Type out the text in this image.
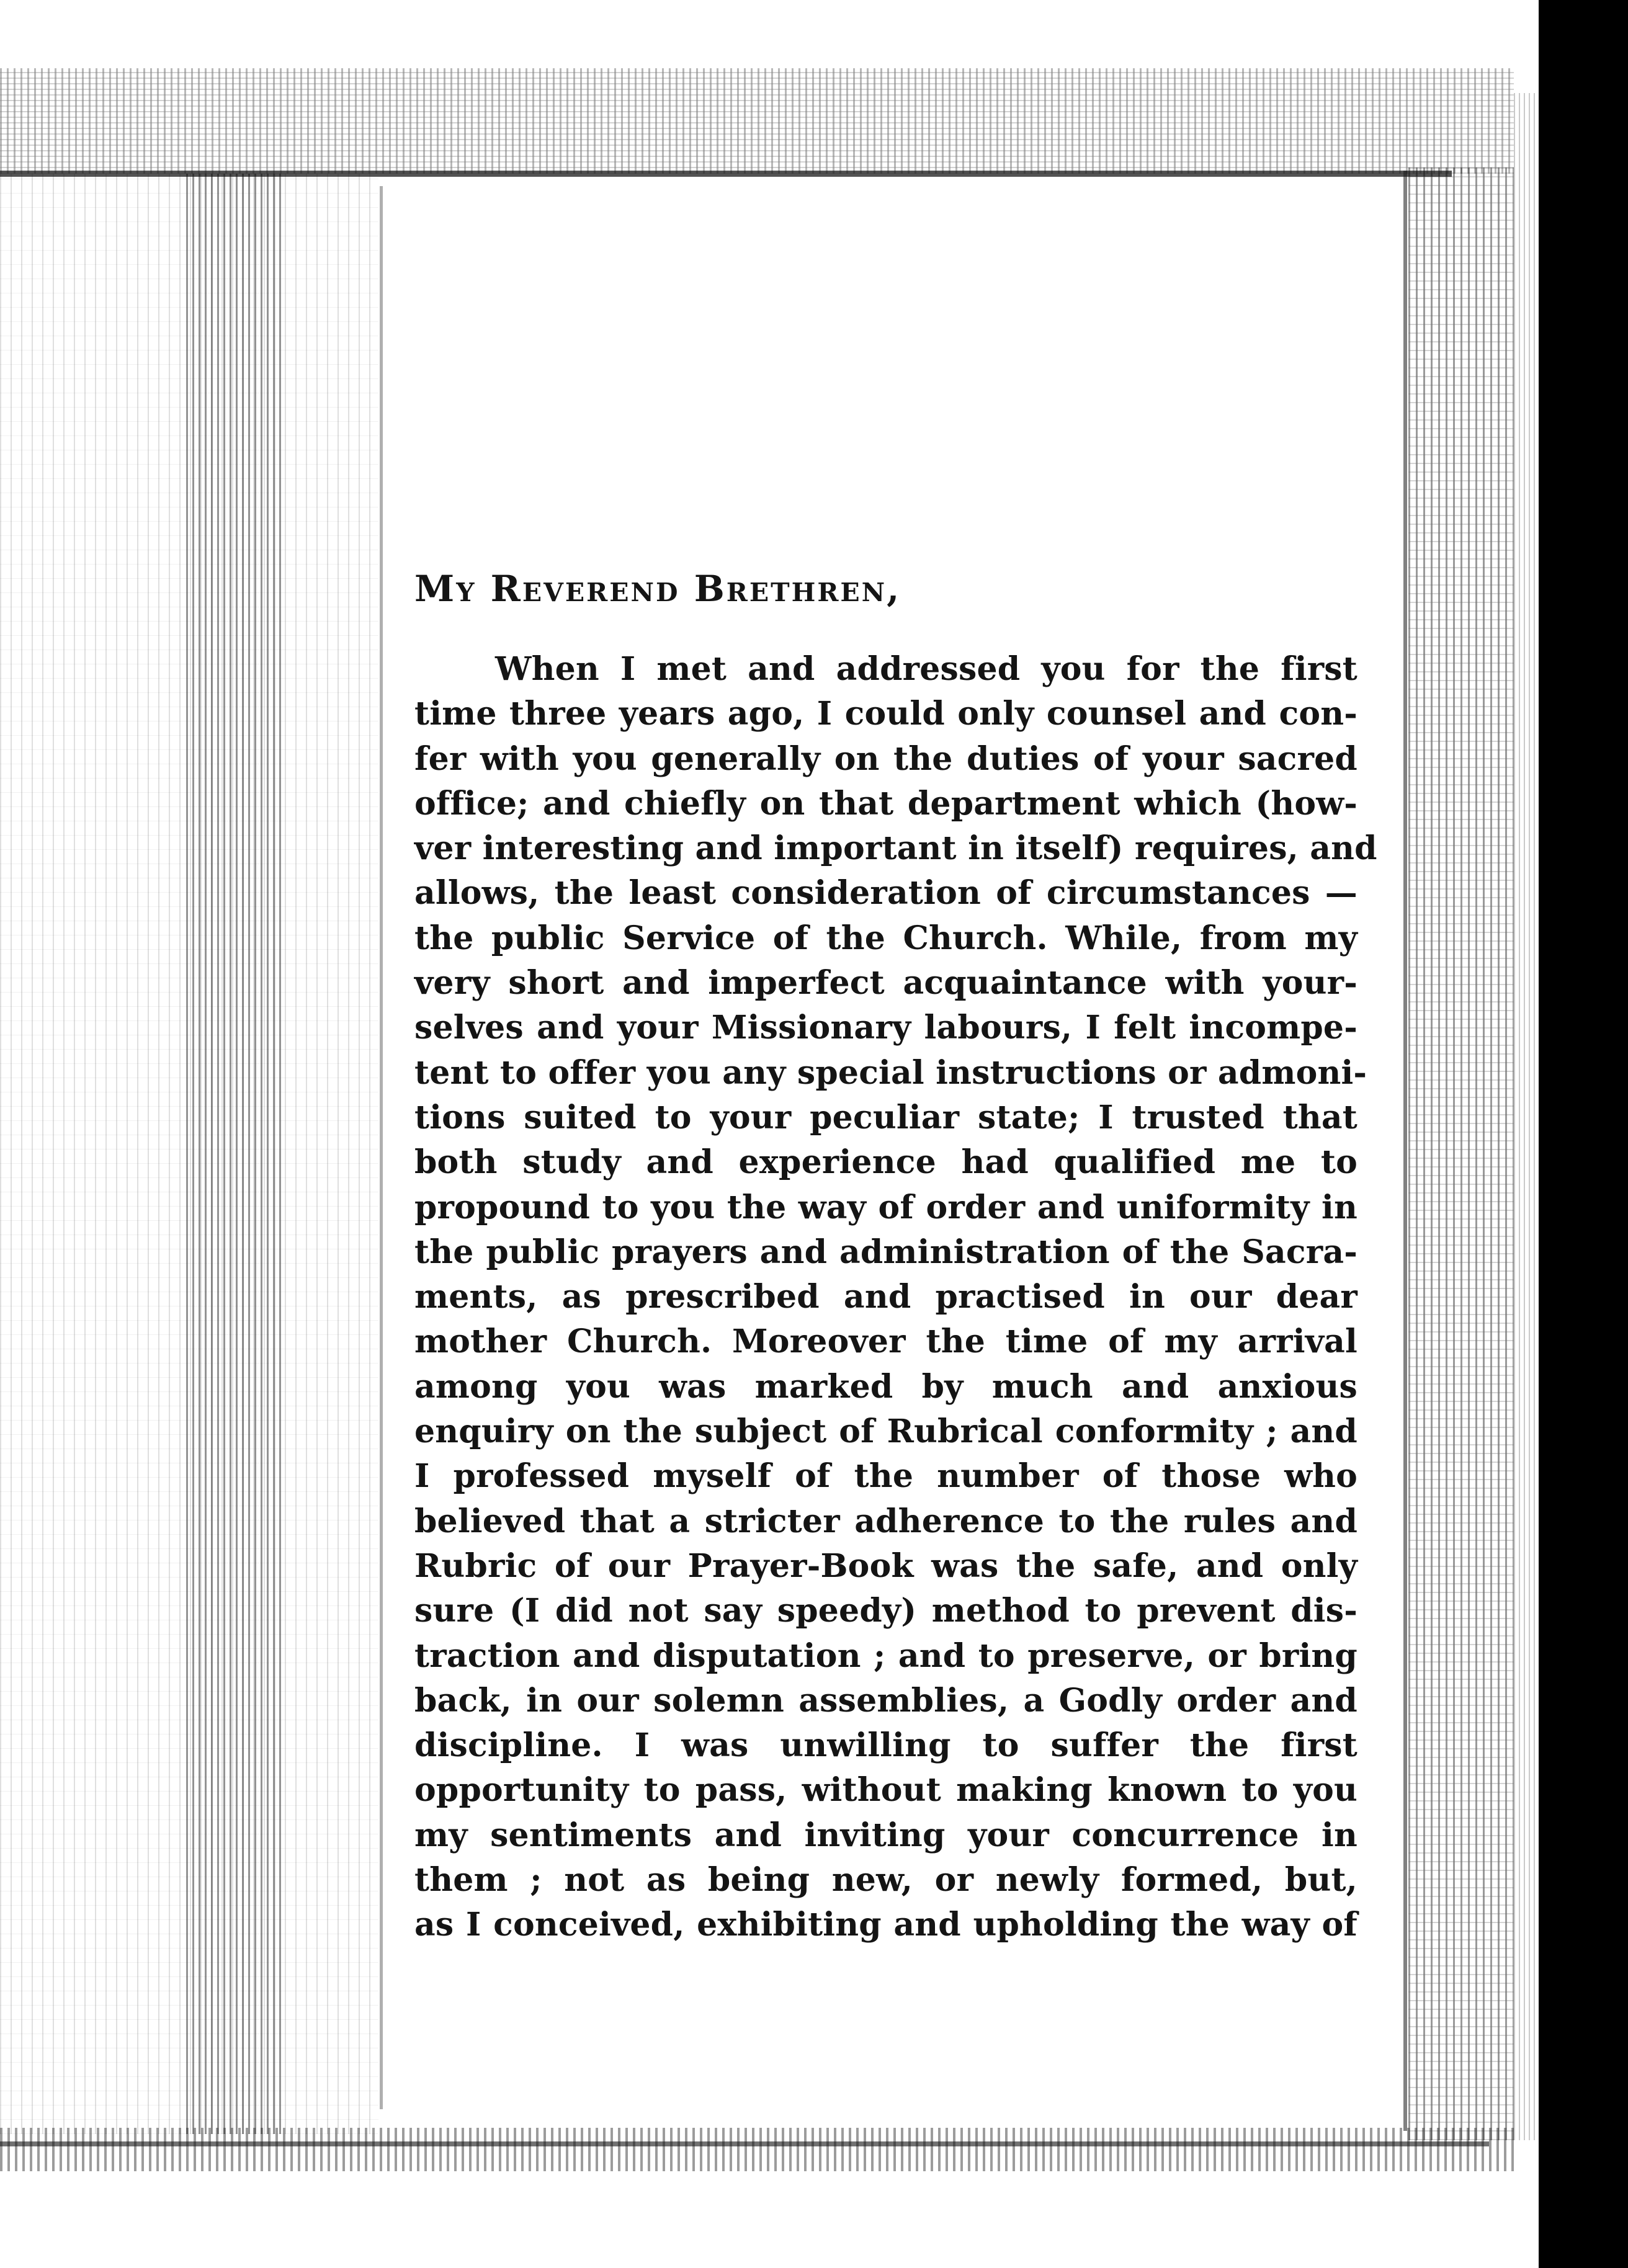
My Reverend Brethren,

When I met and addressed you for the first

time three years ago, I could only counsel and con-

fer with you generally on the duties of your sacred

office; and chiefly on that department which (how-

ver interesting and important in itself) requires, and

allows, the least consideration of circumstances —

the public Service of the Church. While, from my

very short and imperfect acquaintance with your-

selves and your Missionary labours, I felt incompe-

tent to offer you any special instructions or admoni-

tions suited to your peculiar state; I trusted that

both study and experience had qualified me to

propound to you the way of order and uniformity in

the public prayers and administration of the Sacra-

ments, as prescribed and practised in our dear

mother Church. Moreover the time of my arrival

among you was marked by much and anxious

enquiry on the subject of Rubrical conformity ; and

I professed myself of the number of those who

believed that a stricter adherence to the rules and

Rubric of our Prayer-Book was the safe, and only

sure (I did not say speedy) method to prevent dis-

traction and disputation ; and to preserve, or bring

back, in our solemn assemblies, a Godly order and

discipline. I was unwilling to suffer the first

opportunity to pass, without making known to you

my sentiments and inviting your concurrence in

them ; not as being new, or newly formed, but,

as I conceived, exhibiting and upholding the way of
